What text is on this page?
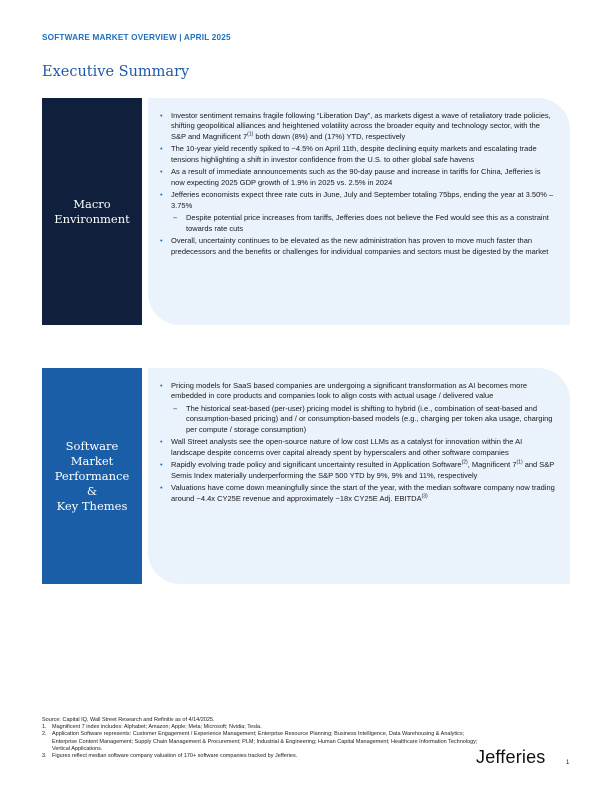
SOFTWARE MARKET OVERVIEW | APRIL 2025
Executive Summary
Macro
Environment
• Investor sentiment remains fragile following “Liberation Day”, as markets digest a wave of retaliatory trade policies, shifting geopolitical alliances and heightened volatility across the broader equity and technology sector, with the S&P and Magnificent 7$^{(1)}$ both down (8%) and (17%) YTD, respectively
• The 10-year yield recently spiked to ~4.5% on April 11th, despite declining equity markets and escalating trade tensions highlighting a shift in investor confidence from the U.S. to other global safe havens
• As a result of immediate announcements such as the 90-day pause and increase in tariffs for China, Jefferies is now expecting 2025 GDP growth of 1.9% in 2025 vs. 2.5% in 2024
• Jefferies economists expect three rate cuts in June, July and September totaling 75bps, ending the year at 3.50% – 3.75%
– Despite potential price increases from tariffs, Jefferies does not believe the Fed would see this as a constraint towards rate cuts
• Overall, uncertainty continues to be elevated as the new administration has proven to move much faster than predecessors and the benefits or challenges for individual companies and sectors must be digested by the market
Software
Market
Performance
&
Key Themes
• Pricing models for SaaS based companies are undergoing a significant transformation as AI becomes more embedded in core products and companies look to align costs with actual usage / delivered value
– The historical seat-based (per-user) pricing model is shifting to hybrid (i.e., combination of seat-based and consumption-based pricing) and / or consumption-based models (e.g., charging per token aka usage, charging per compute / storage consumption)
• Wall Street analysts see the open-source nature of low cost LLMs as a catalyst for innovation within the AI landscape despite concerns over capital already spent by hyperscalers and other software companies
• Rapidly evolving trade policy and significant uncertainty resulted in Application Software$^{(2)}$, Magnificent 7$^{(1)}$ and S&P Semis Index materially underperforming the S&P 500 YTD by 9%, 9% and 11%, respectively
• Valuations have come down meaningfully since the start of the year, with the median software company now trading around ~4.4x CY25E revenue and approximately ~18x CY25E Adj. EBITDA$^{(3)}$
Source: Capital IQ, Wall Street Research and Refinitiv as of 4/14/2025.
1. Magnificent 7 index includes: Alphabet; Amazon; Apple; Meta; Microsoft; Nvidia; Tesla.
2. Application Software represents: Customer Engagement / Experience Management; Enterprise Resource Planning; Business Intelligence, Data Warehousing & Analytics; Enterprise Content Management; Supply Chain Management & Procurement; PLM; Industrial & Engineering; Human Capital Management; Healthcare Information Technology; Vertical Applications.
3. Figures reflect median software company valuation of 170+ software companies tracked by Jefferies.	Jefferies	1
